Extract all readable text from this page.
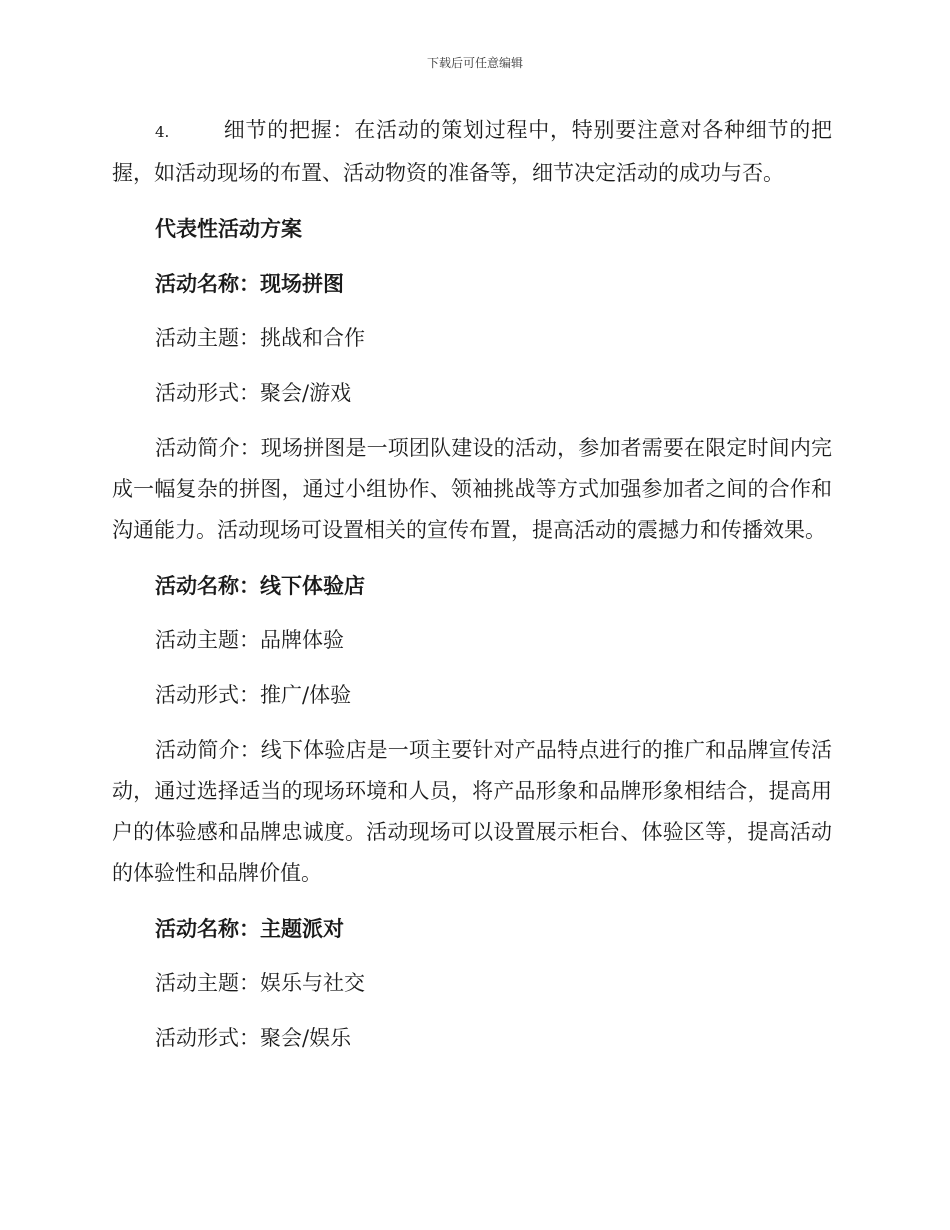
下载后可任意编辑

4.	细节的把握：在活动的策划过程中，特别要注意对各种细节的把握，如活动现场的布置、活动物资的准备等，细节决定活动的成功与否。

代表性活动方案

活动名称：现场拼图

活动主题：挑战和合作

活动形式：聚会/游戏

活动简介：现场拼图是一项团队建设的活动，参加者需要在限定时间内完成一幅复杂的拼图，通过小组协作、领袖挑战等方式加强参加者之间的合作和沟通能力。活动现场可设置相关的宣传布置，提高活动的震撼力和传播效果。

活动名称：线下体验店

活动主题：品牌体验

活动形式：推广/体验

活动简介：线下体验店是一项主要针对产品特点进行的推广和品牌宣传活动，通过选择适当的现场环境和人员，将产品形象和品牌形象相结合，提高用户的体验感和品牌忠诚度。活动现场可以设置展示柜台、体验区等，提高活动的体验性和品牌价值。

活动名称：主题派对

活动主题：娱乐与社交

活动形式：聚会/娱乐
